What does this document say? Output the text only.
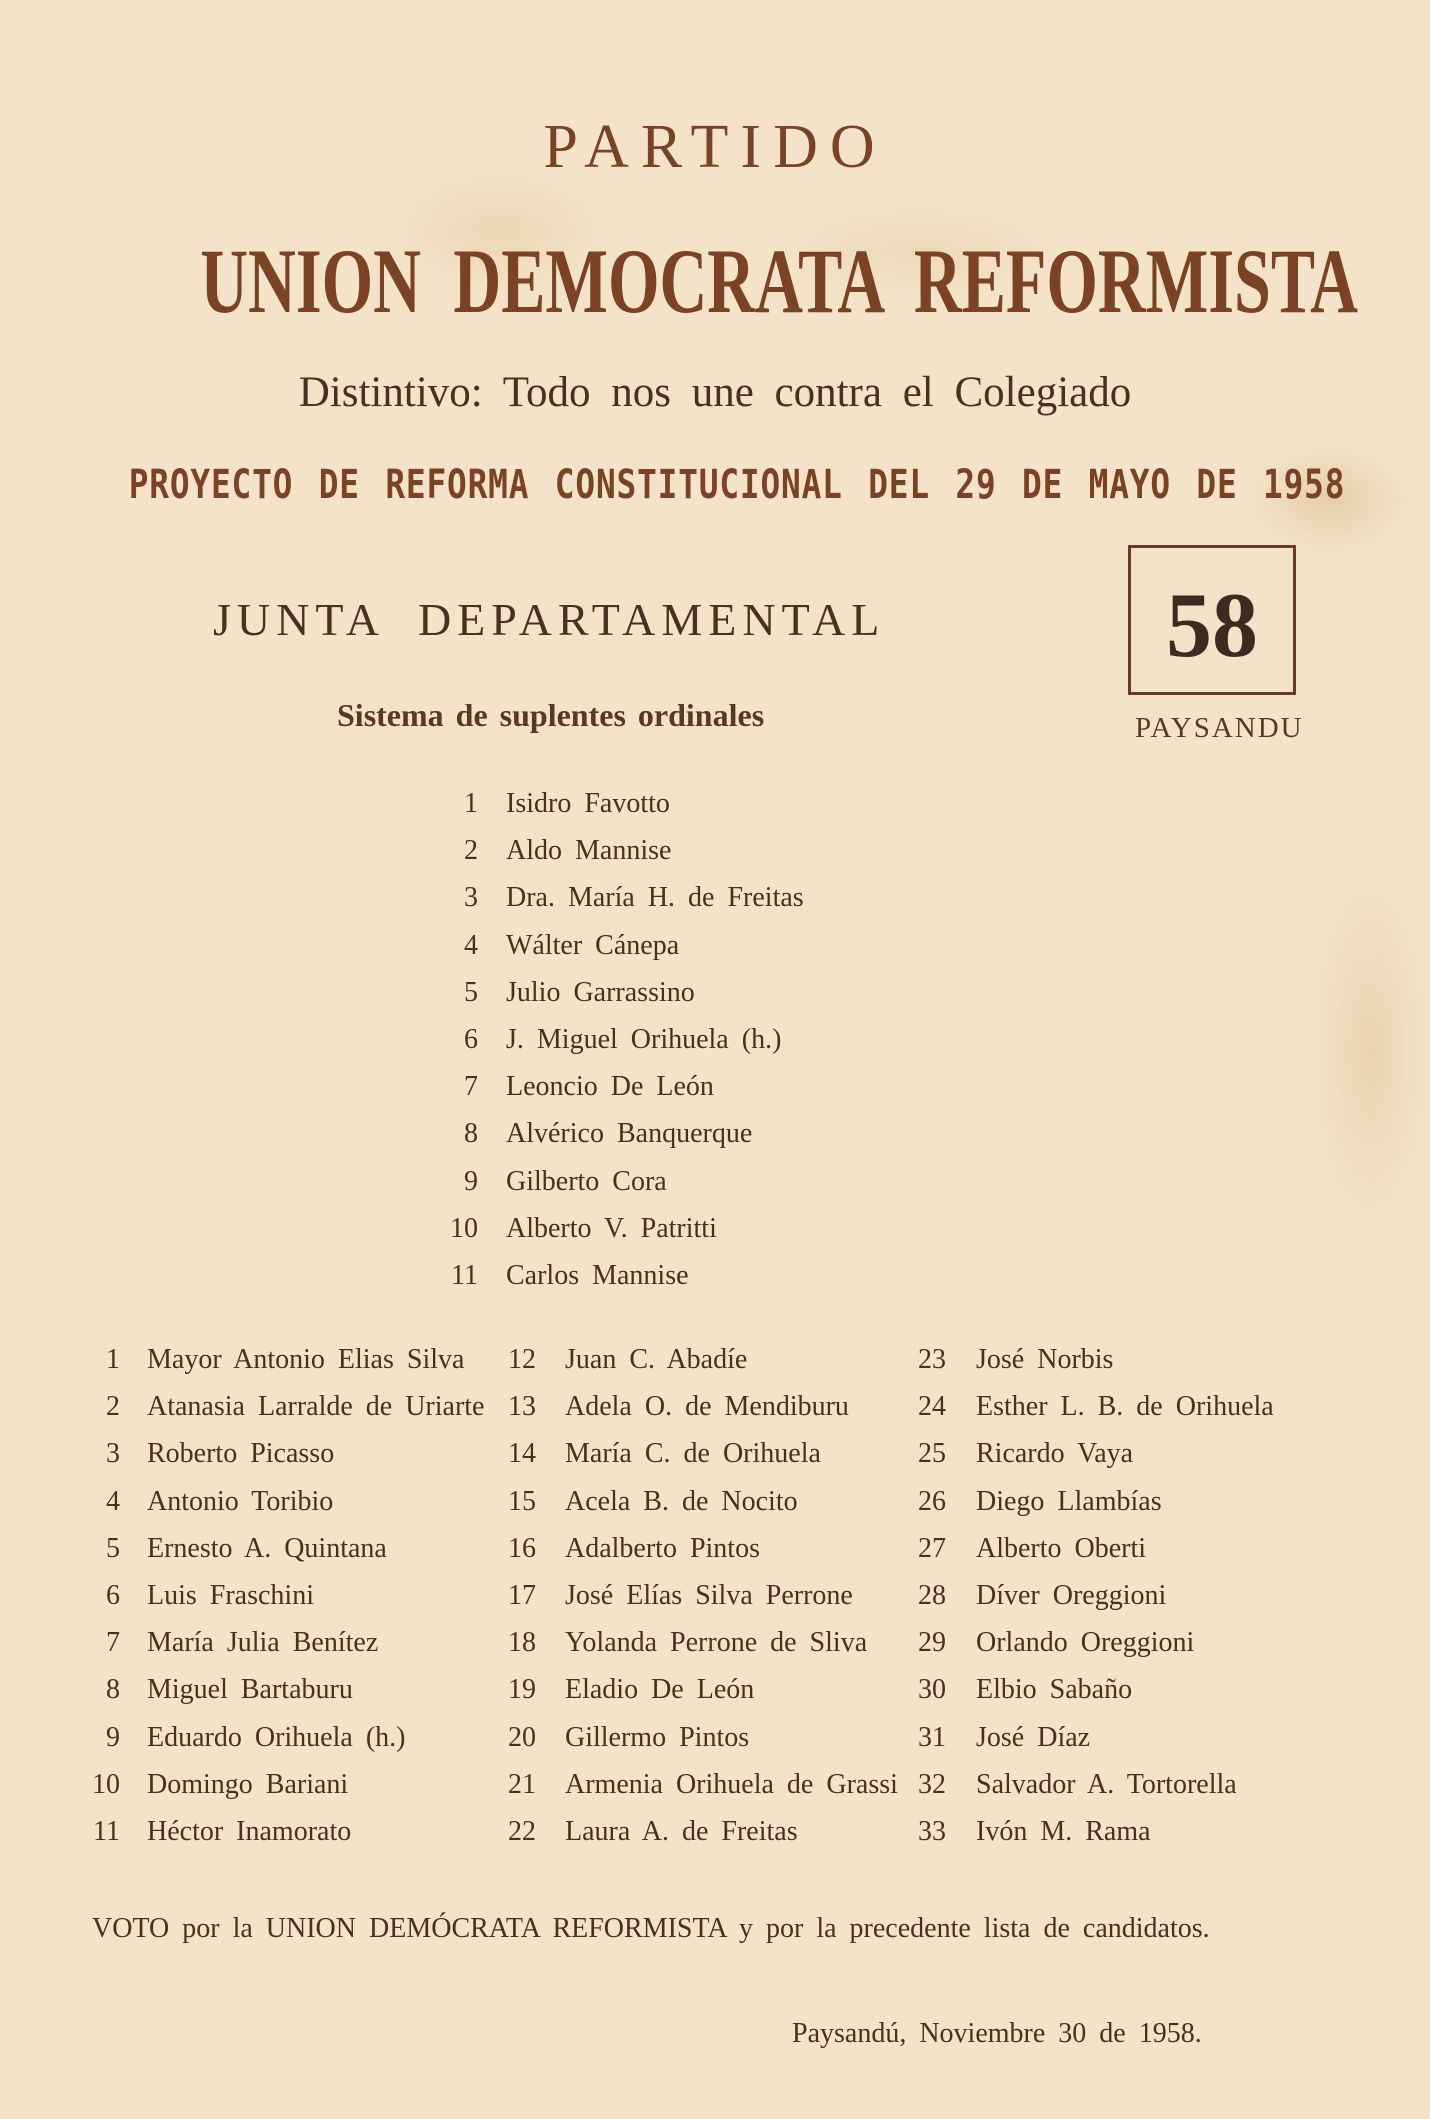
PARTIDO
UNION DEMOCRATA REFORMISTA
Distintivo: Todo nos une contra el Colegiado
PROYECTO DE REFORMA CONSTITUCIONAL DEL 29 DE MAYO DE 1958
JUNTA DEPARTAMENTAL
Sistema de suplentes ordinales
58
PAYSANDU
1 Isidro Favotto
2 Aldo Mannise
3 Dra. María H. de Freitas
4 Wálter Cánepa
5 Julio Garrassino
6 J. Miguel Orihuela (h.)
7 Leoncio De León
8 Alvérico Banquerque
9 Gilberto Cora
10 Alberto V. Patritti
11 Carlos Mannise
1 Mayor Antonio Elias Silva
2 Atanasia Larralde de Uriarte
3 Roberto Picasso
4 Antonio Toribio
5 Ernesto A. Quintana
6 Luis Fraschini
7 María Julia Benítez
8 Miguel Bartaburu
9 Eduardo Orihuela (h.)
10 Domingo Bariani
11 Héctor Inamorato
12 Juan C. Abadíe
13 Adela O. de Mendiburu
14 María C. de Orihuela
15 Acela B. de Nocito
16 Adalberto Pintos
17 José Elías Silva Perrone
18 Yolanda Perrone de Sliva
19 Eladio De León
20 Gillermo Pintos
21 Armenia Orihuela de Grassi
22 Laura A. de Freitas
23 José Norbis
24 Esther L. B. de Orihuela
25 Ricardo Vaya
26 Diego Llambías
27 Alberto Oberti
28 Díver Oreggioni
29 Orlando Oreggioni
30 Elbio Sabaño
31 José Díaz
32 Salvador A. Tortorella
33 Ivón M. Rama
VOTO por la UNION DEMÓCRATA REFORMISTA y por la precedente lista de candidatos.
Paysandú, Noviembre 30 de 1958.
